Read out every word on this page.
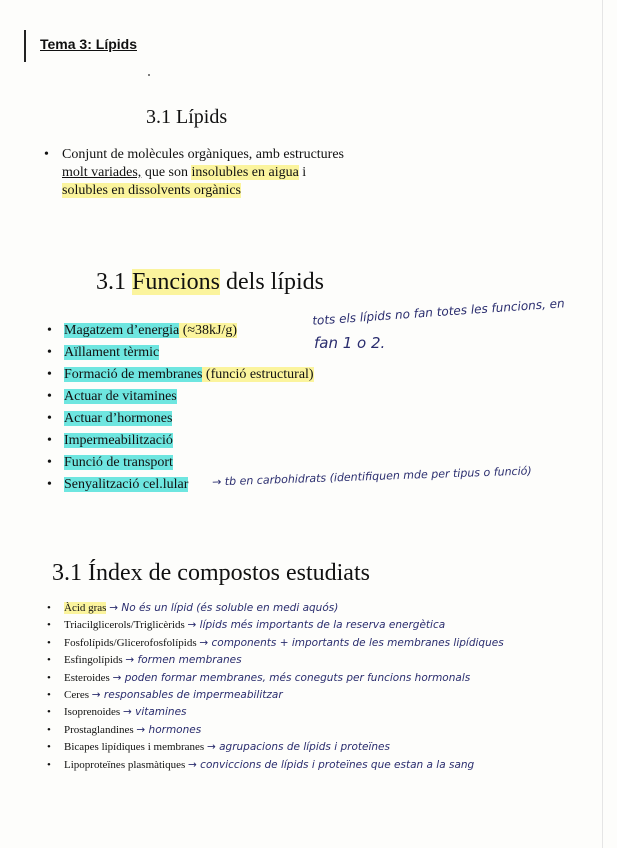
Tema 3: Lípids
3.1 Lípids
• Conjunt de molècules orgàniques, amb estructures molt variades, que son insolubles en aigua i solubles en dissolvents orgànics
3.1 Funcions dels lípids
• Magatzem d’energia (≈38kJ/g)
• Aïllament tèrmic
• Formació de membranes (funció estructural)
• Actuar de vitamines
• Actuar d’hormones
• Impermeabilització
• Funció de transport
• Senyalització cel.lular
tots els lípids no fan totes les funcions, en
fan 1 o 2.
→ tb en carbohidrats (identifiquen mde per tipus o funció)
3.1 Índex de compostos estudiats
• Àcid gras → No és un lípid (és soluble en medi aquós)
• Triacilglicerols/Triglicèrids → lípids més importants de la reserva energètica
• Fosfolípids/Glicerofosfolípids → components + importants de les membranes lipídiques
• Esfingolípids → formen membranes
• Esteroides → poden formar membranes, més coneguts per funcions hormonals
• Ceres → responsables de impermeabilitzar
• Isoprenoides → vitamines
• Prostaglandines → hormones
• Bicapes lipídiques i membranes → agrupacions de lípids i proteïnes
• Lipoproteïnes plasmàtiques → conviccions de lípids i proteïnes que estan a la sang
